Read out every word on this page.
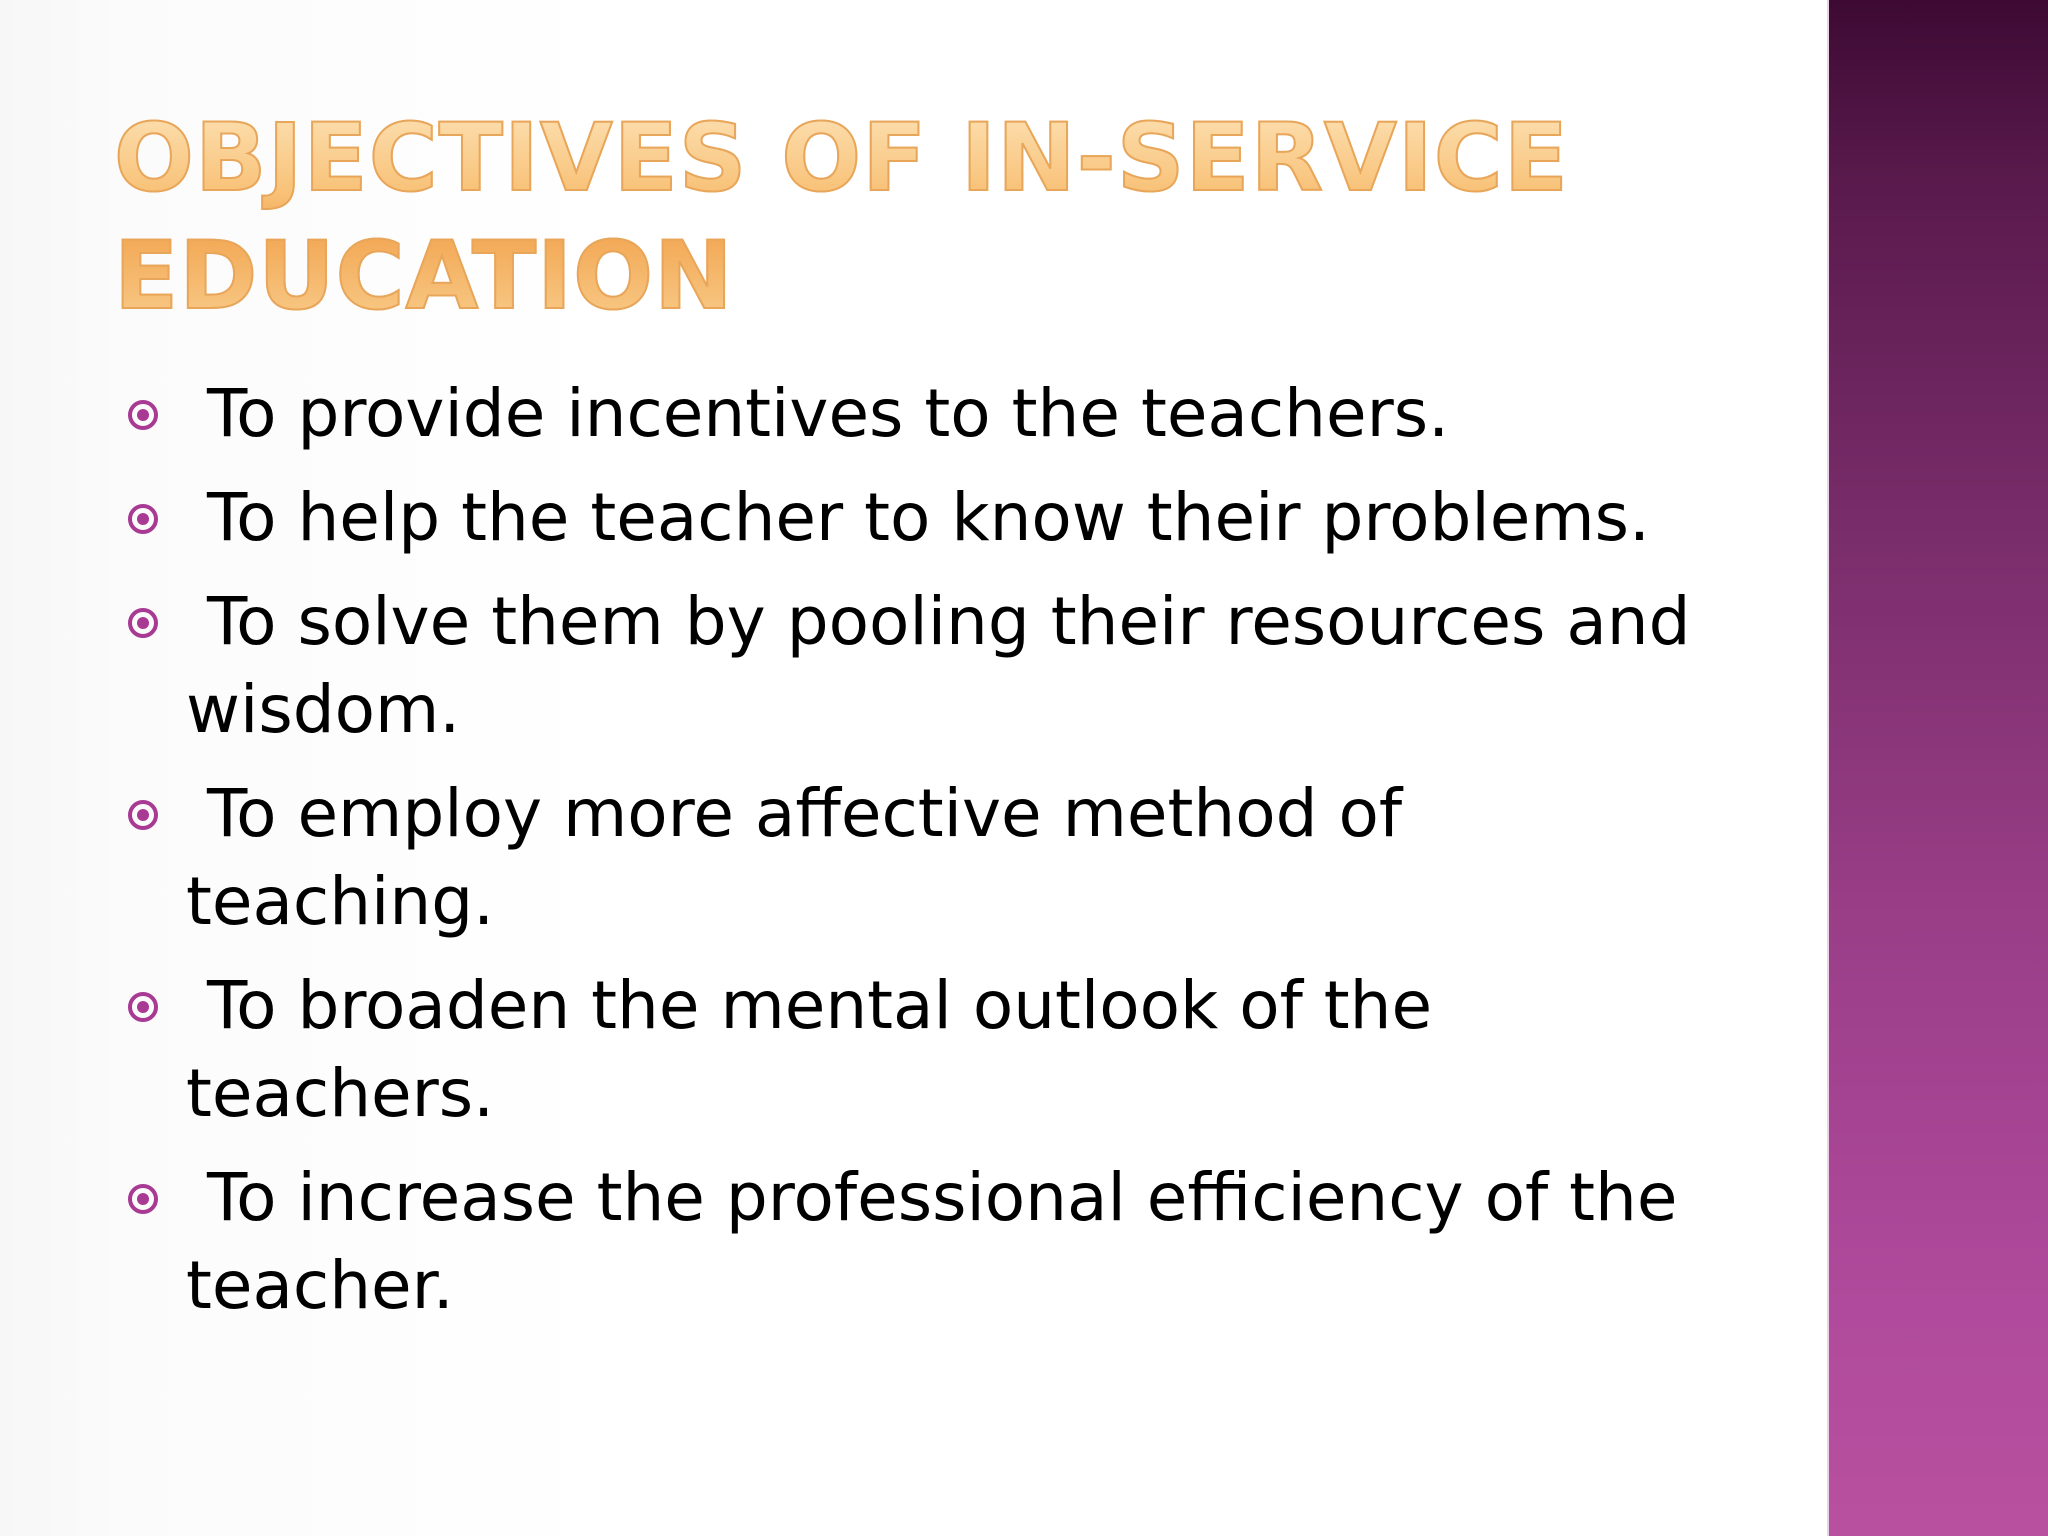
OBJECTIVES OF IN-SERVICE EDUCATION
To provide incentives to the teachers.
To help the teacher to know their problems.
To solve them by pooling their resources and wisdom.
To employ more affective method of teaching.
To broaden the mental outlook of the teachers.
To increase the professional efficiency of the teacher.
